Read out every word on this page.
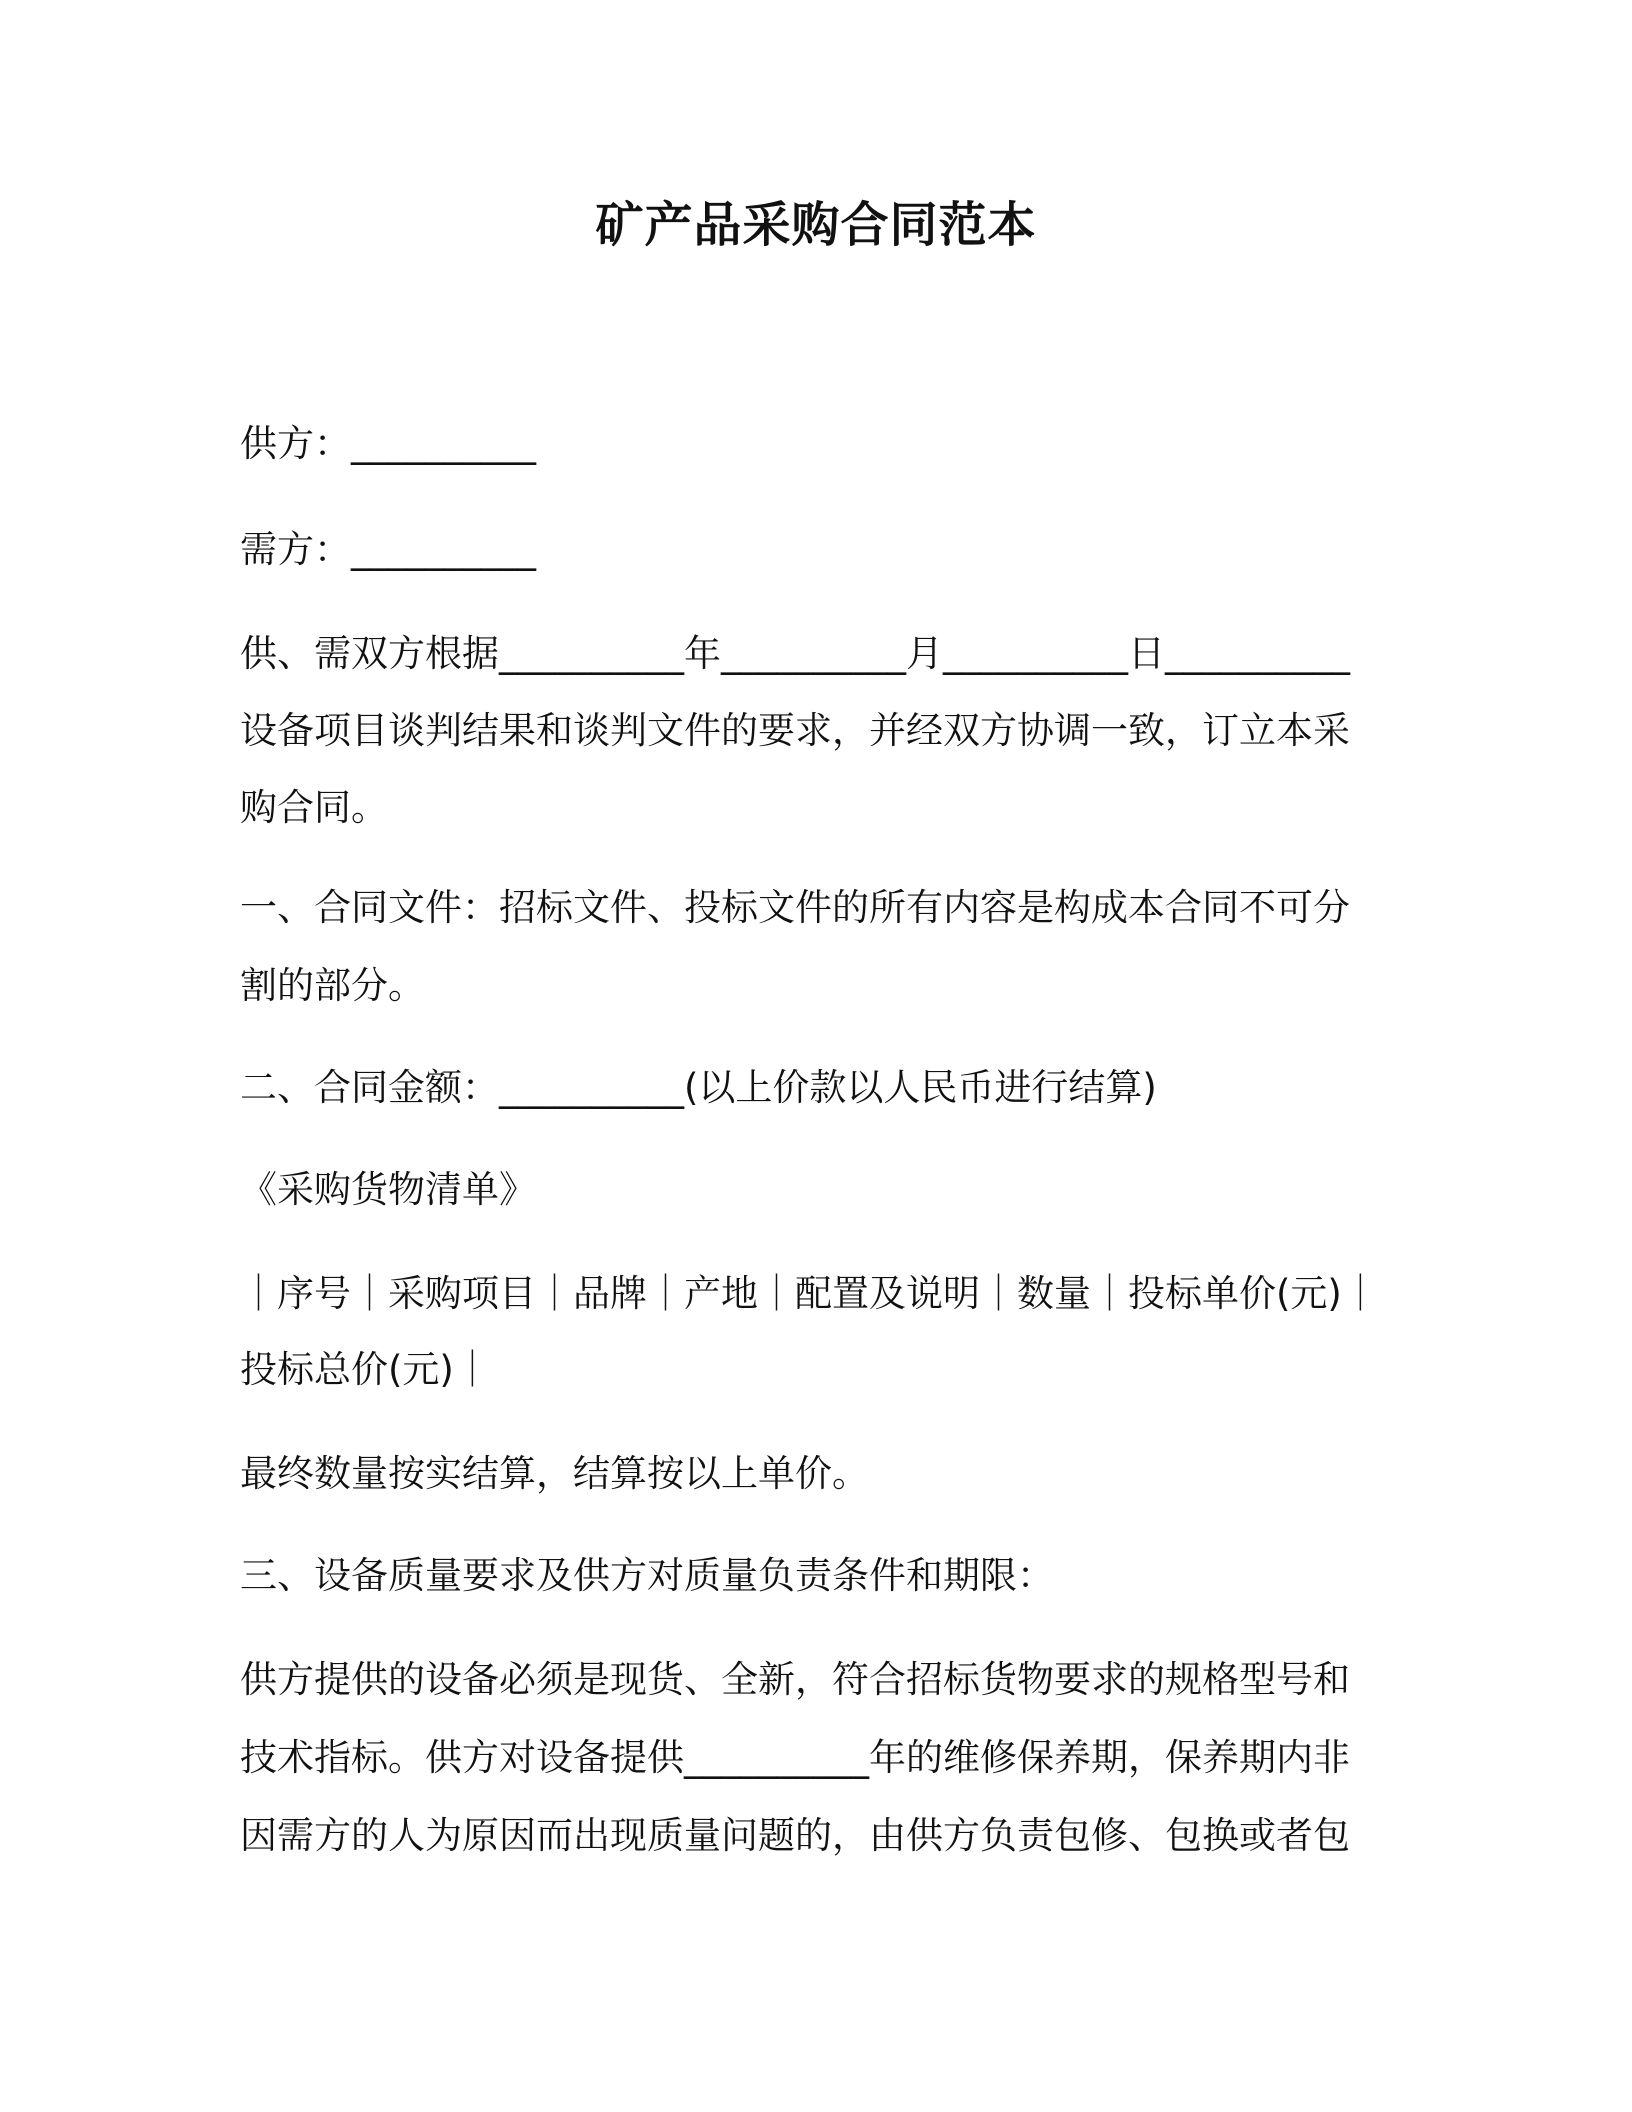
矿产品采购合同范本
供方：__________
需方：__________
供、需双方根据__________年__________月__________日__________
设备项目谈判结果和谈判文件的要求，并经双方协调一致，订立本采
购合同。
一、合同文件：招标文件、投标文件的所有内容是构成本合同不可分
割的部分。
二、合同金额：__________(以上价款以人民币进行结算)
《采购货物清单》
｜序号｜采购项目｜品牌｜产地｜配置及说明｜数量｜投标单价(元)｜
投标总价(元)｜
最终数量按实结算，结算按以上单价。
三、设备质量要求及供方对质量负责条件和期限：
供方提供的设备必须是现货、全新，符合招标货物要求的规格型号和
技术指标。供方对设备提供__________年的维修保养期，保养期内非
因需方的人为原因而出现质量问题的，由供方负责包修、包换或者包
